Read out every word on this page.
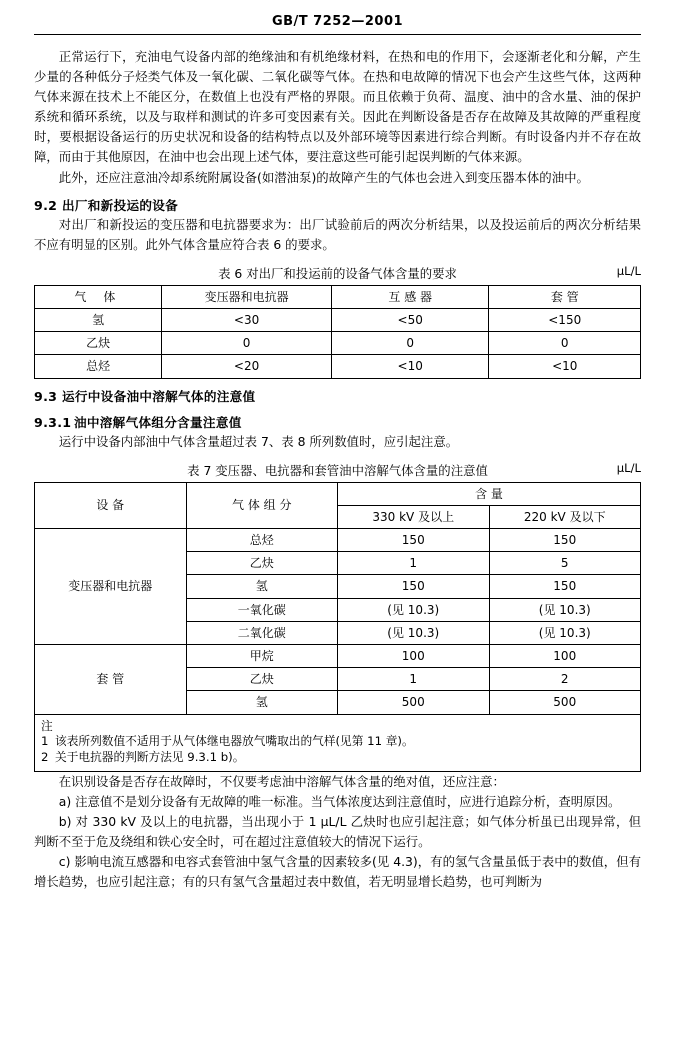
GB/T 7252—2001

正常运行下，充油电气设备内部的绝缘油和有机绝缘材料，在热和电的作用下，会逐渐老化和分解，产生少量的各种低分子烃类气体及一氧化碳、二氧化碳等气体。在热和电故障的情况下也会产生这些气体，这两种气体来源在技术上不能区分，在数值上也没有严格的界限。而且依赖于负荷、温度、油中的含水量、油的保护系统和循环系统，以及与取样和测试的许多可变因素有关。因此在判断设备是否存在故障及其故障的严重程度时，要根据设备运行的历史状况和设备的结构特点以及外部环境等因素进行综合判断。有时设备内并不存在故障，而由于其他原因，在油中也会出现上述气体，要注意这些可能引起误判断的气体来源。

此外，还应注意油冷却系统附属设备(如潜油泵)的故障产生的气体也会进入到变压器本体的油中。

9.2 出厂和新投运的设备

对出厂和新投运的变压器和电抗器要求为：出厂试验前后的两次分析结果，以及投运前后的两次分析结果不应有明显的区别。此外气体含量应符合表 6 的要求。

表 6 对出厂和投运前的设备气体含量的要求	μL/L
气 体	变压器和电抗器	互 感 器	套 管
氢	<30	<50	<150
乙炔	0	0	0
总烃	<20	<10	<10
9.3 运行中设备油中溶解气体的注意值
9.3.1 油中溶解气体组分含量注意值

运行中设备内部油中气体含量超过表 7、表 8 所列数值时，应引起注意。

表 7 变压器、电抗器和套管油中溶解气体含量的注意值	μL/L
设 备	气 体 组 分	含 量	
		330 kV 及以上	220 kV 及以下
变压器和电抗器	总烃	150	150
	乙炔	1	5
	氢	150	150
	一氧化碳	(见 10.3)	(见 10.3)
	二氧化碳	(见 10.3)	(见 10.3)
套 管	甲烷	100	100
	乙炔	1	2
	氢	500	500

注
1 该表所列数值不适用于从气体继电器放气嘴取出的气样(见第 11 章)。
2 关于电抗器的判断方法见 9.3.1 b)。			

在识别设备是否存在故障时，不仅要考虑油中溶解气体含量的绝对值，还应注意：

a) 注意值不是划分设备有无故障的唯一标准。当气体浓度达到注意值时，应进行追踪分析，查明原因。

b) 对 330 kV 及以上的电抗器，当出现小于 1 μL/L 乙炔时也应引起注意；如气体分析虽已出现异常，但判断不至于危及绕组和铁心安全时，可在超过注意值较大的情况下运行。

c) 影响电流互感器和电容式套管油中氢气含量的因素较多(见 4.3)，有的氢气含量虽低于表中的数值，但有增长趋势，也应引起注意；有的只有氢气含量超过表中数值，若无明显增长趋势，也可判断为
